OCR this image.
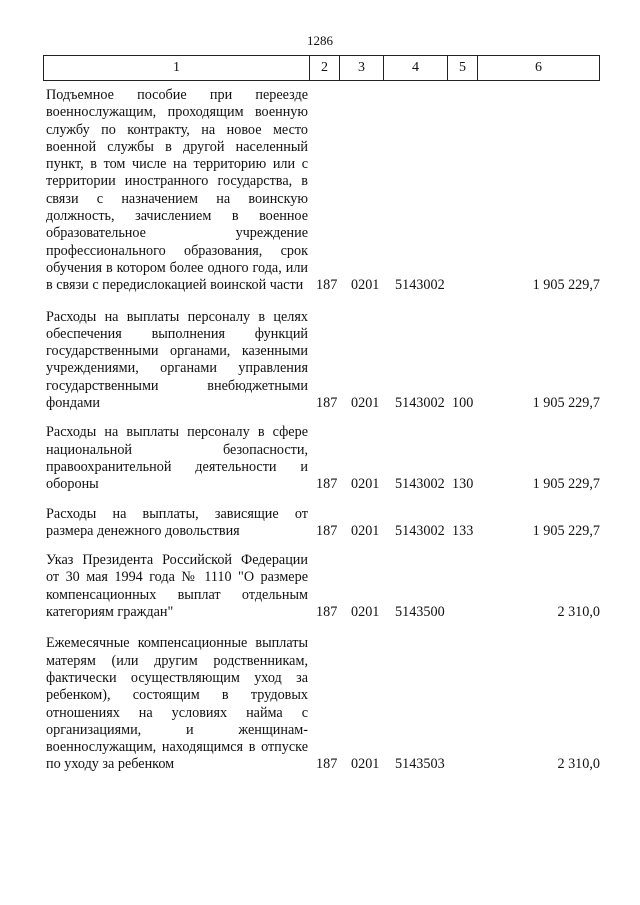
1286
1	2	3	4	5	6
Подъемное пособие при переезде военнослужащим, проходящим военную службу по контракту, на новое место военной службы в другой населенный пункт, в том числе на территорию или с территории иностранного государства, в связи с назначением на воинскую должность, зачислением в военное образовательное учреждение профессионального образования, срок обучения в котором более одного года, или в связи с передислокацией воинской части 187 0201 5143002	1 905 229,7
Расходы на выплаты персоналу в целях обеспечения выполнения функций государственными органами, казенными учреждениями, органами управления государственными внебюджетными фондами	187 0201 5143002 100	1 905 229,7
Расходы на выплаты персоналу в сфере национальной безопасности, правоохранительной деятельности и обороны	187 0201 5143002 130	1 905 229,7
Расходы на выплаты, зависящие от размера денежного довольствия	187 0201 5143002 133	1 905 229,7
Указ Президента Российской Федерации от 30 мая 1994 года № 1110 "О размере компенсационных выплат отдельным категориям граждан"	187 0201 5143500	2 310,0
Ежемесячные компенсационные выплаты матерям (или другим родственникам, фактически осуществляющим уход за ребенком), состоящим в трудовых отношениях на условиях найма с организациями, и женщинам-военнослужащим, находящимся в отпуске по уходу за ребенком	187 0201 5143503	2 310,0
